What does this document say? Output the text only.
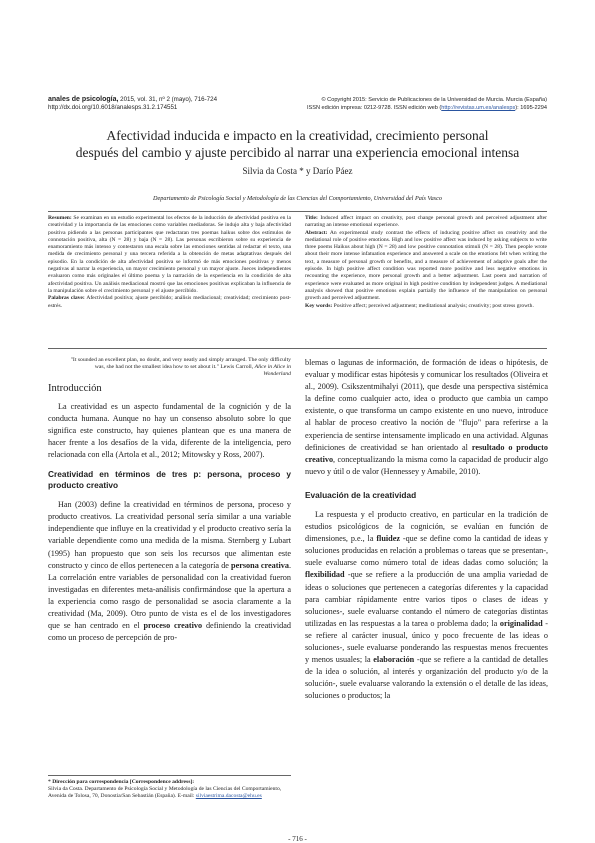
anales de psicología, 2015, vol. 31, nº 2 (mayo), 716-724
http://dx.doi.org/10.6018/analesps.31.2.174551
© Copyright 2015: Servicio de Publicaciones de la Universidad de Murcia. Murcia (España)
ISSN edición impresa: 0212-9728. ISSN edición web (http://revistas.um.es/analesps): 1695-2294
Afectividad inducida e impacto en la creatividad, crecimiento personal
después del cambio y ajuste percibido al narrar una experiencia emocional intensa
Silvia da Costa * y Darío Páez
Departamento de Psicología Social y Metodología de las Ciencias del Comportamiento, Universidad del País Vasco
Resumen: Se examinan en un estudio experimental los efectos de la inducción de afectividad positiva en la creatividad y la importancia de las emociones como variables mediadoras. Se indujo alta y baja afectividad positiva pidiendo a las personas participantes que redactaran tres poemas haikus sobre dos estímulos de connotación positiva, alta (N = 28) y baja (N = 28). Las personas escribieron sobre su experiencia de enamoramiento más intenso y contestaron una escala sobre las emociones sentidas al redactar el texto, una medida de crecimiento personal y una tercera referida a la obtención de metas adaptativas después del episodio. En la condición de alta afectividad positiva se informó de más emociones positivas y menos negativas al narrar la experiencia, un mayor crecimiento personal y un mayor ajuste. Jueces independientes evaluaron como más originales el último poema y la narración de la experiencia en la condición de alta afectividad positiva. Un análisis mediacional mostró que las emociones positivas explicaban la influencia de la manipulación sobre el crecimiento personal y el ajuste percibido.
Palabras clave: Afectividad positiva; ajuste percibido; análisis mediacional; creatividad; crecimiento post-estrés.
Title: Induced affect impact on creativity, post change personal growth and perceived adjustment after narrating an intense emotional experience.
Abstract: An experimental study contrast the effects of inducing positive affect on creativity and the mediational role of positive emotions. High and low positive affect was induced by asking subjects to write three poems Haikus about high (N = 28) and low positive connotation stimuli (N = 28). Then people wrote about their more intense infatuation experience and answered a scale on the emotions felt when writing the text, a measure of personal growth or benefits, and a measure of achievement of adaptive goals after the episode. In high positive affect condition was reported more positive and less negative emotions in recounting the experience, more personal growth and a better adjustment. Last poem and narration of experience were evaluated as more original in high positive condition by independent judges. A mediational analysis showed that positive emotions explain partially the influence of the manipulation on personal growth and perceived adjustment.
Key words: Positive affect; perceived adjustment; meditational analysis; creativity; post stress growth.
"It sounded an excellent plan, no doubt, and very neatly and simply arranged. The only difficulty was, she had not the smallest idea how to set about it." Lewis Carroll, Alice in Alice in Wonderland
Introducción

La creatividad es un aspecto fundamental de la cognición y de la conducta humana. Aunque no hay un consenso absoluto sobre lo que significa este constructo, hay quienes plantean que es una manera de hacer frente a los desafíos de la vida, diferente de la inteligencia, pero relacionada con ella (Artola et al., 2012; Mitowsky y Ross, 2007).

Creatividad en términos de tres p: persona, proceso y producto creativo

Han (2003) define la creatividad en términos de persona, proceso y producto creativos. La creatividad personal sería similar a una variable independiente que influye en la creatividad y el producto creativo sería la variable dependiente como una medida de la misma. Sternberg y Lubart (1995) han propuesto que son seis los recursos que alimentan este constructo y cinco de ellos pertenecen a la categoría de persona creativa. La correlación entre variables de personalidad con la creatividad fueron investigadas en diferentes meta-análisis confirmándose que la apertura a la experiencia como rasgo de personalidad se asocia claramente a la creatividad (Ma, 2009). Otro punto de vista es el de los investigadores que se han centrado en el proceso creativo definiendo la creatividad como un proceso de percepción de pro-

blemas o lagunas de información, de formación de ideas o hipótesis, de evaluar y modificar estas hipótesis y comunicar los resultados (Oliveira et al., 2009). Csikszentmihalyi (2011), que desde una perspectiva sistémica la define como cualquier acto, idea o producto que cambia un campo existente, o que transforma un campo existente en uno nuevo, introduce al hablar de proceso creativo la noción de "flujo" para referirse a la experiencia de sentirse intensamente implicado en una actividad. Algunas definiciones de creatividad se han orientado al resultado o producto creativo, conceptualizando la misma como la capacidad de producir algo nuevo y útil o de valor (Hennessey y Amabile, 2010).

Evaluación de la creatividad

La respuesta y el producto creativo, en particular en la tradición de estudios psicológicos de la cognición, se evalúan en función de dimensiones, p.e., la fluidez -que se define como la cantidad de ideas y soluciones producidas en relación a problemas o tareas que se presentan-, suele evaluarse como número total de ideas dadas como solución; la flexibilidad -que se refiere a la producción de una amplia variedad de ideas o soluciones que pertenecen a categorías diferentes y la capacidad para cambiar rápidamente entre varios tipos o clases de ideas y soluciones-, suele evaluarse contando el número de categorías distintas utilizadas en las respuestas a la tarea o problema dado; la originalidad -se refiere al carácter inusual, único y poco frecuente de las ideas o soluciones-, suele evaluarse ponderando las respuestas menos frecuentes y menos usuales; la elaboración -que se refiere a la cantidad de detalles de la idea o solución, al interés y organización del producto y/o de la solución-, suele evaluarse valorando la extensión o el detalle de las ideas, soluciones o productos; la

* Dirección para correspondencia [Correspondence address]:
Silvia da Costa. Departamento de Psicología Social y Metodología de las Ciencias del Comportamiento, Avenida de Tolosa, 70, Donostia/San Sebastián (España). E-mail: silviaestrima.dacosta@ehu.es
- 716 -
